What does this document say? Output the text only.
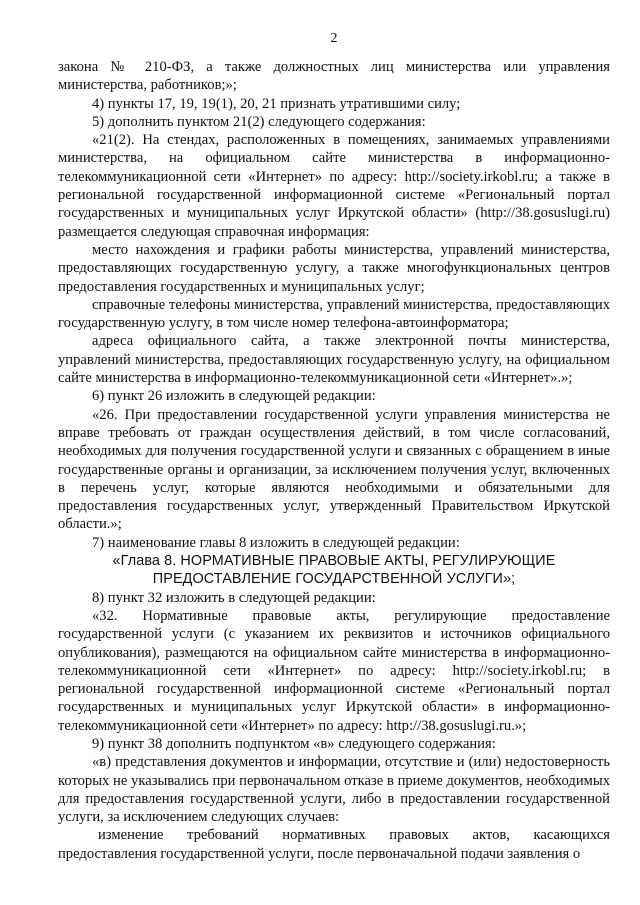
2

закона № 210-ФЗ, а также должностных лиц министерства или управления министерства, работников;»;

4) пункты 17, 19, 19(1), 20, 21 признать утратившими силу;

5) дополнить пунктом 21(2) следующего содержания:

«21(2). На стендах, расположенных в помещениях, занимаемых управлениями министерства, на официальном сайте министерства в информационно-телекоммуникационной сети «Интернет» по адресу: http://society.irkobl.ru; а также в региональной государственной информационной системе «Региональный портал государственных и муниципальных услуг Иркутской области» (http://38.gosuslugi.ru) размещается следующая справочная информация:

место нахождения и графики работы министерства, управлений министерства, предоставляющих государственную услугу, а также многофункциональных центров предоставления государственных и муниципальных услуг;

справочные телефоны министерства, управлений министерства, предоставляющих государственную услугу, в том числе номер телефона-автоинформатора;

адреса официального сайта, а также электронной почты министерства, управлений министерства, предоставляющих государственную услугу, на официальном сайте министерства в информационно-телекоммуникационной сети «Интернет».»;

6) пункт 26 изложить в следующей редакции:

«26. При предоставлении государственной услуги управления министерства не вправе требовать от граждан осуществления действий, в том числе согласований, необходимых для получения государственной услуги и связанных с обращением в иные государственные органы и организации, за исключением получения услуг, включенных в перечень услуг, которые являются необходимыми и обязательными для предоставления государственных услуг, утвержденный Правительством Иркутской области.»;

7) наименование главы 8 изложить в следующей редакции:

«Глава 8. НОРМАТИВНЫЕ ПРАВОВЫЕ АКТЫ, РЕГУЛИРУЮЩИЕ

ПРЕДОСТАВЛЕНИЕ ГОСУДАРСТВЕННОЙ УСЛУГИ»;

8) пункт 32 изложить в следующей редакции:

«32. Нормативные правовые акты, регулирующие предоставление государственной услуги (с указанием их реквизитов и источников официального опубликования), размещаются на официальном сайте министерства в информационно-телекоммуникационной сети «Интернет» по адресу: http://society.irkobl.ru; в региональной государственной информационной системе «Региональный портал государственных и муниципальных услуг Иркутской области» в информационно-телекоммуникационной сети «Интернет» по адресу: http://38.gosuslugi.ru.»;

9) пункт 38 дополнить подпунктом «в» следующего содержания:

«в) представления документов и информации, отсутствие и (или) недостоверность которых не указывались при первоначальном отказе в приеме документов, необходимых для предоставления государственной услуги, либо в предоставлении государственной услуги, за исключением следующих случаев:

изменение требований нормативных правовых актов, касающихся предоставления государственной услуги, после первоначальной подачи заявления о
